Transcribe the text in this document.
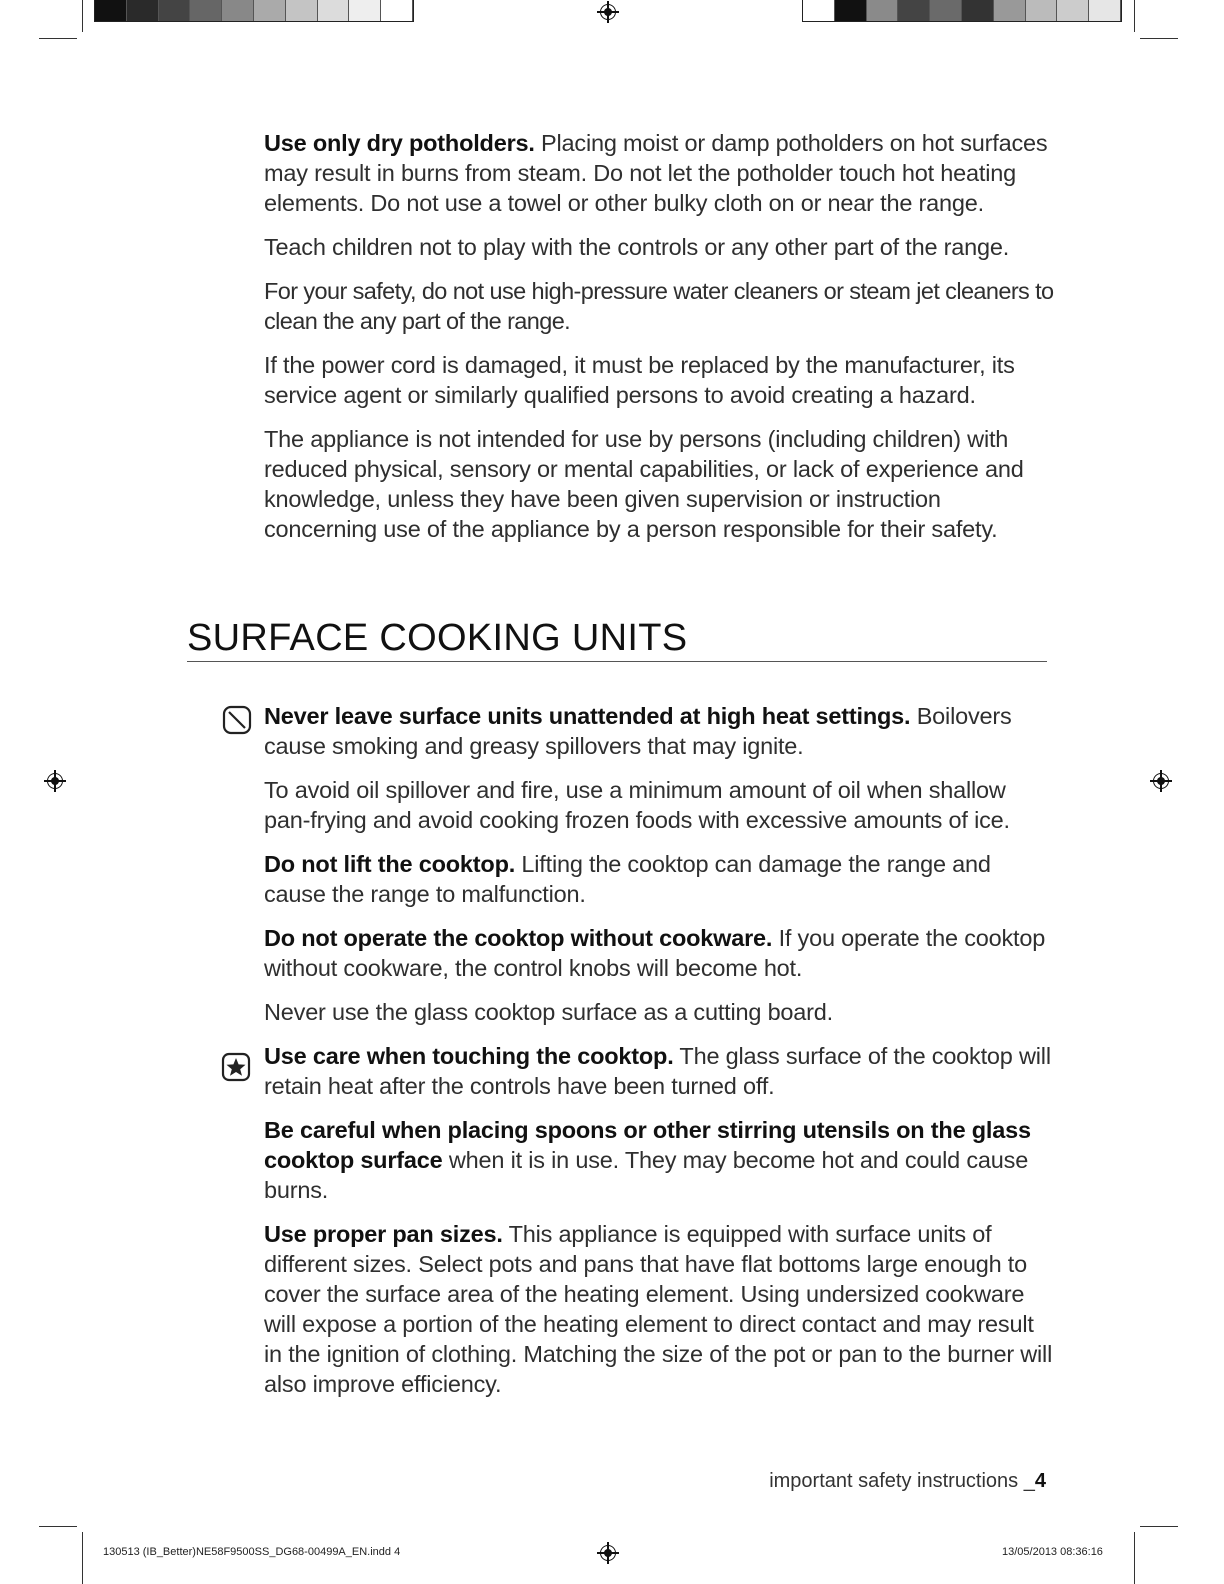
Use only dry potholders. Placing moist or damp potholders on hot surfaces may result in burns from steam. Do not let the potholder touch hot heating elements. Do not use a towel or other bulky cloth on or near the range.

Teach children not to play with the controls or any other part of the range.

For your safety, do not use high-pressure water cleaners or steam jet cleaners to clean the any part of the range.

If the power cord is damaged, it must be replaced by the manufacturer, its service agent or similarly qualified persons to avoid creating a hazard.

The appliance is not intended for use by persons (including children) with reduced physical, sensory or mental capabilities, or lack of experience and knowledge, unless they have been given supervision or instruction concerning use of the appliance by a person responsible for their safety.

SURFACE COOKING UNITS

Never leave surface units unattended at high heat settings. Boilovers cause smoking and greasy spillovers that may ignite.

To avoid oil spillover and fire, use a minimum amount of oil when shallow pan-frying and avoid cooking frozen foods with excessive amounts of ice.

Do not lift the cooktop. Lifting the cooktop can damage the range and cause the range to malfunction.

Do not operate the cooktop without cookware. If you operate the cooktop without cookware, the control knobs will become hot.

Never use the glass cooktop surface as a cutting board.

Use care when touching the cooktop. The glass surface of the cooktop will retain heat after the controls have been turned off.

Be careful when placing spoons or other stirring utensils on the glass cooktop surface when it is in use. They may become hot and could cause burns.

Use proper pan sizes. This appliance is equipped with surface units of different sizes. Select pots and pans that have flat bottoms large enough to cover the surface area of the heating element. Using undersized cookware will expose a portion of the heating element to direct contact and may result in the ignition of clothing. Matching the size of the pot or pan to the burner will also improve efficiency.

important safety instructions _4
130513 (IB_Better)NE58F9500SS_DG68-00499A_EN.indd 4	13/05/2013 08:36:16
